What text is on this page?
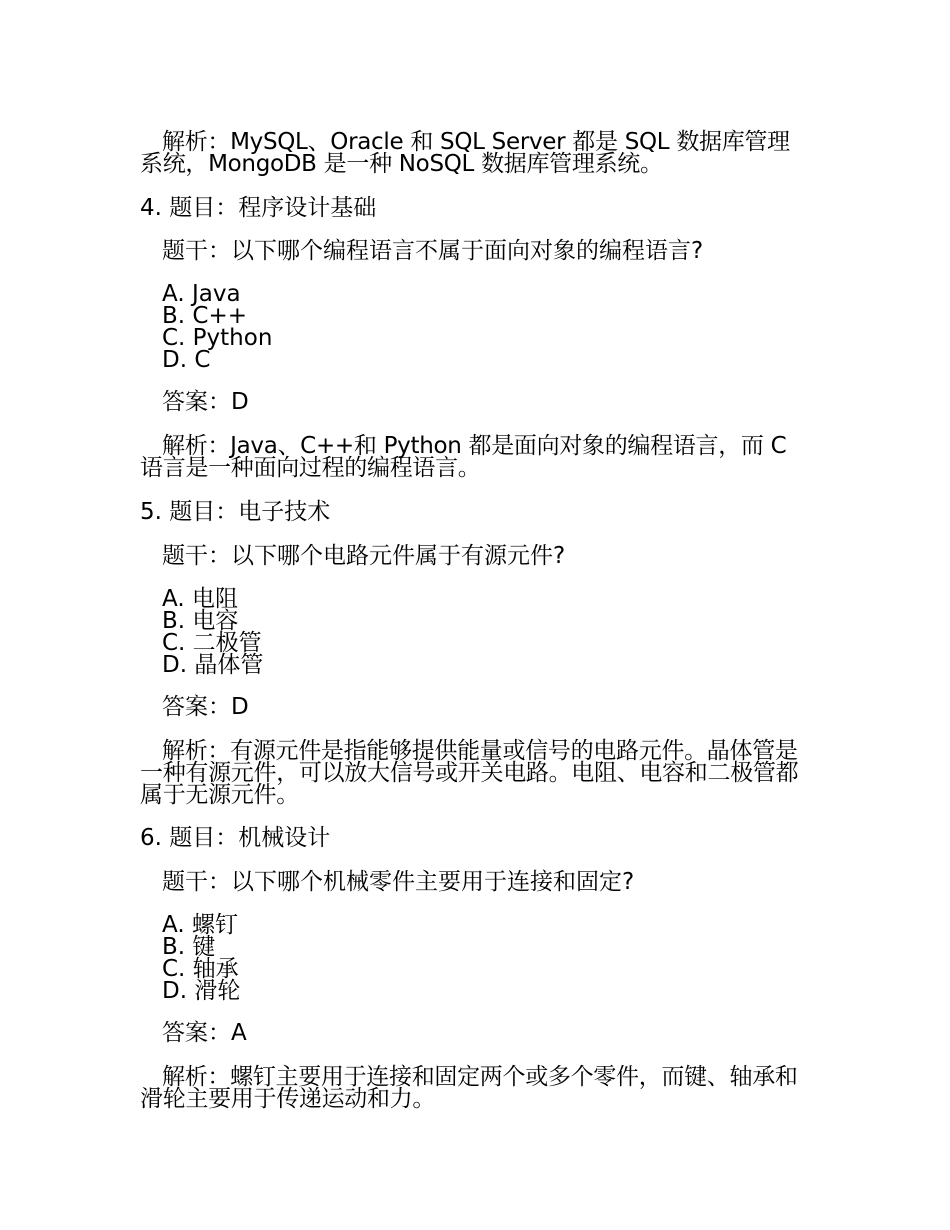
解析：MySQL、Oracle 和 SQL Server 都是 SQL 数据库管理系统，MongoDB 是一种 NoSQL 数据库管理系统。
4. 题目：程序设计基础
题干：以下哪个编程语言不属于面向对象的编程语言?
A. Java
B. C++
C. Python
D. C
答案：D
解析：Java、C++和 Python 都是面向对象的编程语言，而 C 语言是一种面向过程的编程语言。
5. 题目：电子技术
题干：以下哪个电路元件属于有源元件?
A. 电阻
B. 电容
C. 二极管
D. 晶体管
答案：D
解析：有源元件是指能够提供能量或信号的电路元件。晶体管是一种有源元件，可以放大信号或开关电路。电阻、电容和二极管都属于无源元件。
6. 题目：机械设计
题干：以下哪个机械零件主要用于连接和固定?
A. 螺钉
B. 键
C. 轴承
D. 滑轮
答案：A
解析：螺钉主要用于连接和固定两个或多个零件，而键、轴承和滑轮主要用于传递运动和力。
